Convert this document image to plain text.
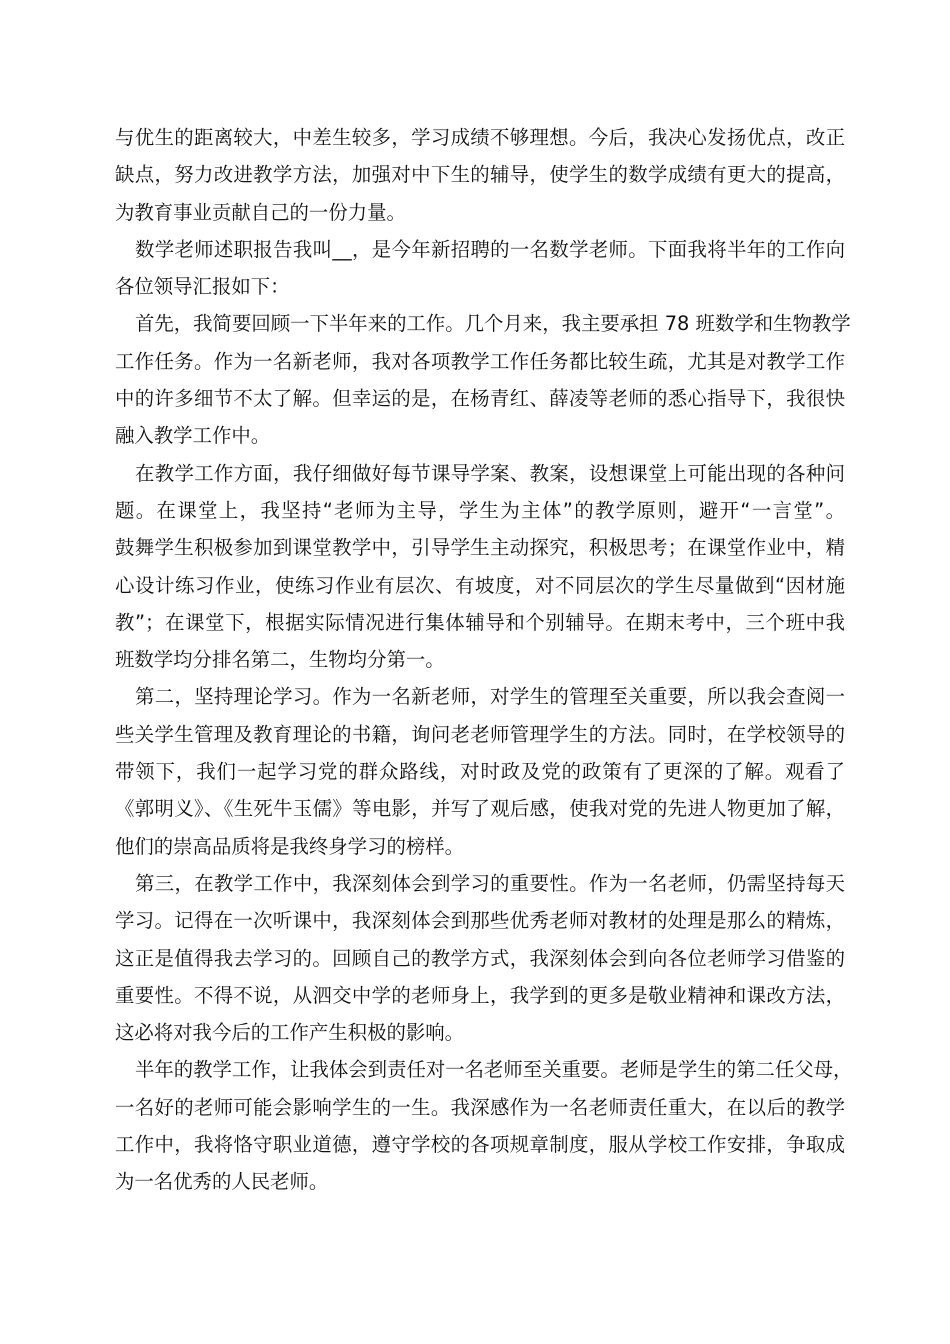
与优生的距离较大，中差生较多，学习成绩不够理想。今后，我决心发扬优点，改正
缺点，努力改进教学方法，加强对中下生的辅导，使学生的数学成绩有更大的提高，
为教育事业贡献自己的一份力量。
数学老师述职报告我叫__，是今年新招聘的一名数学老师。下面我将半年的工作向
各位领导汇报如下：
首先，我简要回顾一下半年来的工作。几个月来，我主要承担 78 班数学和生物教学
工作任务。作为一名新老师，我对各项教学工作任务都比较生疏，尤其是对教学工作
中的许多细节不太了解。但幸运的是，在杨青红、薛凌等老师的悉心指导下，我很快
融入教学工作中。
在教学工作方面，我仔细做好每节课导学案、教案，设想课堂上可能出现的各种问
题。在课堂上，我坚持“老师为主导，学生为主体”的教学原则，避开“一言堂”。
鼓舞学生积极参加到课堂教学中，引导学生主动探究，积极思考；在课堂作业中，精
心设计练习作业，使练习作业有层次、有坡度，对不同层次的学生尽量做到“因材施
教”；在课堂下，根据实际情况进行集体辅导和个别辅导。在期末考中，三个班中我
班数学均分排名第二，生物均分第一。
第二，坚持理论学习。作为一名新老师，对学生的管理至关重要，所以我会查阅一
些关学生管理及教育理论的书籍，询问老老师管理学生的方法。同时，在学校领导的
带领下，我们一起学习党的群众路线，对时政及党的政策有了更深的了解。观看了
《郭明义》、《生死牛玉儒》等电影，并写了观后感，使我对党的先进人物更加了解，
他们的崇高品质将是我终身学习的榜样。
第三，在教学工作中，我深刻体会到学习的重要性。作为一名老师，仍需坚持每天
学习。记得在一次听课中，我深刻体会到那些优秀老师对教材的处理是那么的精炼，
这正是值得我去学习的。回顾自己的教学方式，我深刻体会到向各位老师学习借鉴的
重要性。不得不说，从泗交中学的老师身上，我学到的更多是敬业精神和课改方法，
这必将对我今后的工作产生积极的影响。
半年的教学工作，让我体会到责任对一名老师至关重要。老师是学生的第二任父母，
一名好的老师可能会影响学生的一生。我深感作为一名老师责任重大，在以后的教学
工作中，我将恪守职业道德，遵守学校的各项规章制度，服从学校工作安排，争取成
为一名优秀的人民老师。
